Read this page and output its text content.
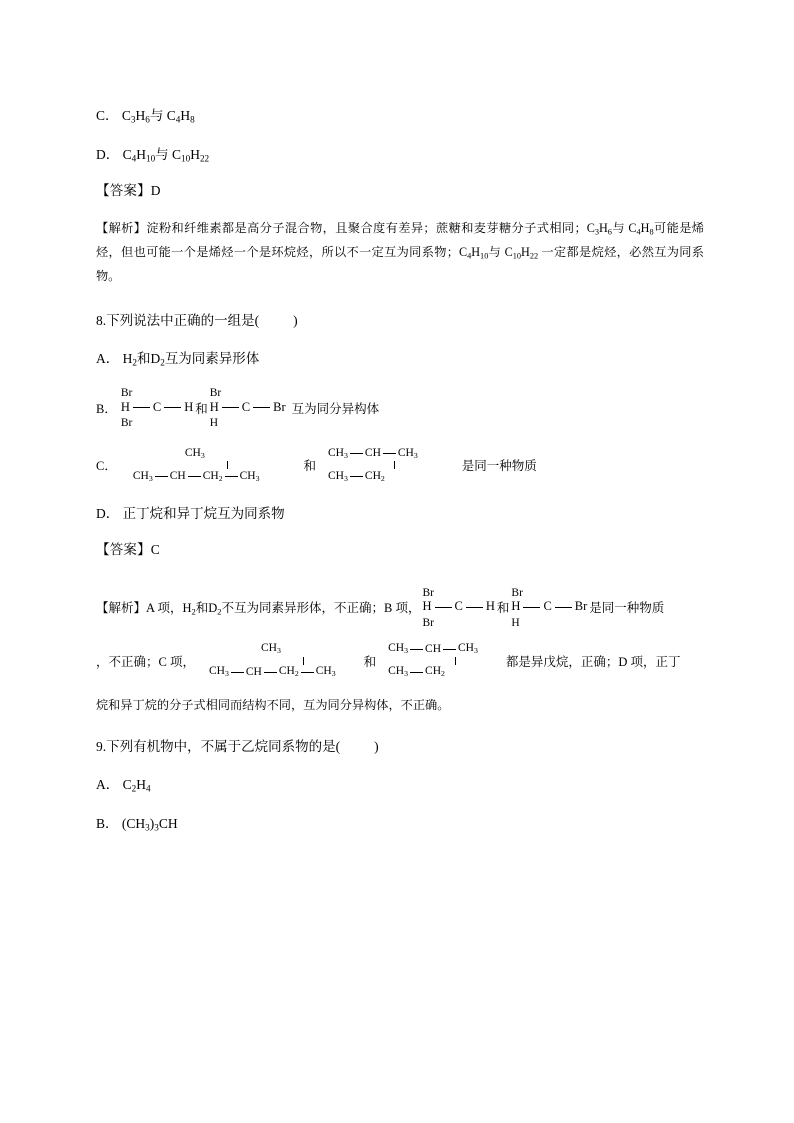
C． $C_3H_6$与 $C_4H_8$
D． $C_4H_{10}$与 $C_{10}H_{22}$
【答案】D
【解析】淀粉和纤维素都是高分子混合物，且聚合度有差异；蔗糖和麦芽糖分子式相同；$C_3H_6$与 $C_4H_8$可能是烯烃，但也可能一个是烯烃一个是环烷烃，所以不一定互为同系物；$C_4H_{10}$与 $C_{10}H_{22}$ 一定都是烷烃，必然互为同系物。
8.下列说法中正确的一组是(	)
A． $H_2$和$D_2$互为同素异形体
B．
Br
H C H
Br
和
Br
H C Br
H
互为同分异构体
C．
$CH_3$
$CH_3$ CH $CH_2$ $CH_3$
和
$CH_3$ CH $CH_3$
$CH_3$ $CH_2$
是同一种物质
D． 正丁烷和异丁烷互为同系物
【答案】C
【解析】A 项，$H_2$和$D_2$不互为同素异形体，不正确；B 项，
Br
H C H
Br
和
Br
H C Br
H
是同一种物质
，不正确；C 项，
$CH_3$
$CH_3$ CH $CH_2$ $CH_3$
和
$CH_3$ CH $CH_3$
$CH_3$ $CH_2$
都是异戊烷，正确；D 项，正丁
烷和异丁烷的分子式相同而结构不同，互为同分异构体，不正确。
9.下列有机物中，不属于乙烷同系物的是(	)
A． $C_2H_4$
B． $(CH_3)_3CH$
